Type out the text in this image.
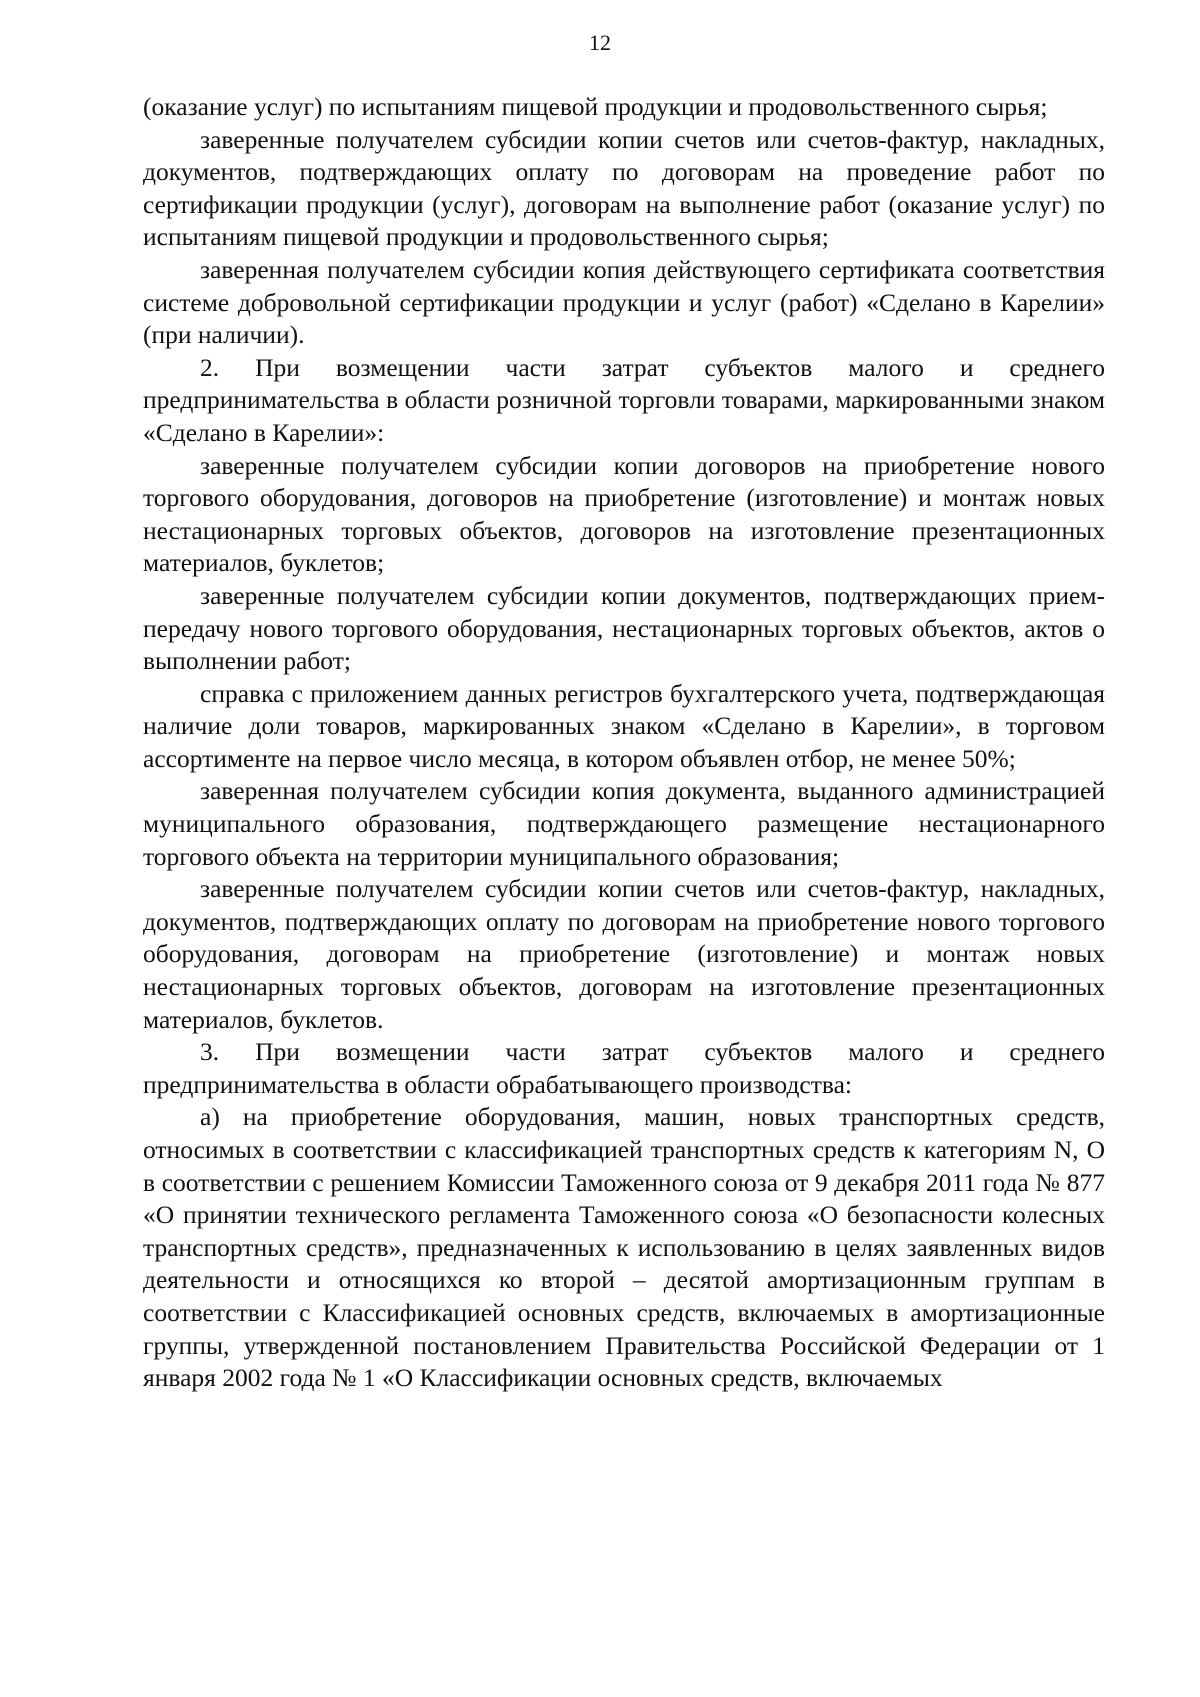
12

(оказание услуг) по испытаниям пищевой продукции и продовольственного сырья;

заверенные получателем субсидии копии счетов или счетов-фактур, накладных, документов, подтверждающих оплату по договорам на проведение работ по сертификации продукции (услуг), договорам на выполнение работ (оказание услуг) по испытаниям пищевой продукции и продовольственного сырья;

заверенная получателем субсидии копия действующего сертификата соответствия системе добровольной сертификации продукции и услуг (работ) «Сделано в Карелии» (при наличии).

2. При возмещении части затрат субъектов малого и среднего предпринимательства в области розничной торговли товарами, маркированными знаком «Сделано в Карелии»:

заверенные получателем субсидии копии договоров на приобретение нового торгового оборудования, договоров на приобретение (изготовление) и монтаж новых нестационарных торговых объектов, договоров на изготовление презентационных материалов, буклетов;

заверенные получателем субсидии копии документов, подтверждающих прием-передачу нового торгового оборудования, нестационарных торговых объектов, актов о выполнении работ;

справка с приложением данных регистров бухгалтерского учета, подтверждающая наличие доли товаров, маркированных знаком «Сделано в Карелии», в торговом ассортименте на первое число месяца, в котором объявлен отбор, не менее 50%;

заверенная получателем субсидии копия документа, выданного администрацией муниципального образования, подтверждающего размещение нестационарного торгового объекта на территории муниципального образования;

заверенные получателем субсидии копии счетов или счетов-фактур, накладных, документов, подтверждающих оплату по договорам на приобретение нового торгового оборудования, договорам на приобретение (изготовление) и монтаж новых нестационарных торговых объектов, договорам на изготовление презентационных материалов, буклетов.

3. При возмещении части затрат субъектов малого и среднего предпринимательства в области обрабатывающего производства:

а) на приобретение оборудования, машин, новых транспортных средств, относимых в соответствии с классификацией транспортных средств к категориям N, O в соответствии с решением Комиссии Таможенного союза от 9 декабря 2011 года № 877 «О принятии технического регламента Таможенного союза «О безопасности колесных транспортных средств», предназначенных к использованию в целях заявленных видов деятельности и относящихся ко второй – десятой амортизационным группам в соответствии с Классификацией основных средств, включаемых в амортизационные группы, утвержденной постановлением Правительства Российской Федерации от 1 января 2002 года № 1 «О Классификации основных средств, включаемых
